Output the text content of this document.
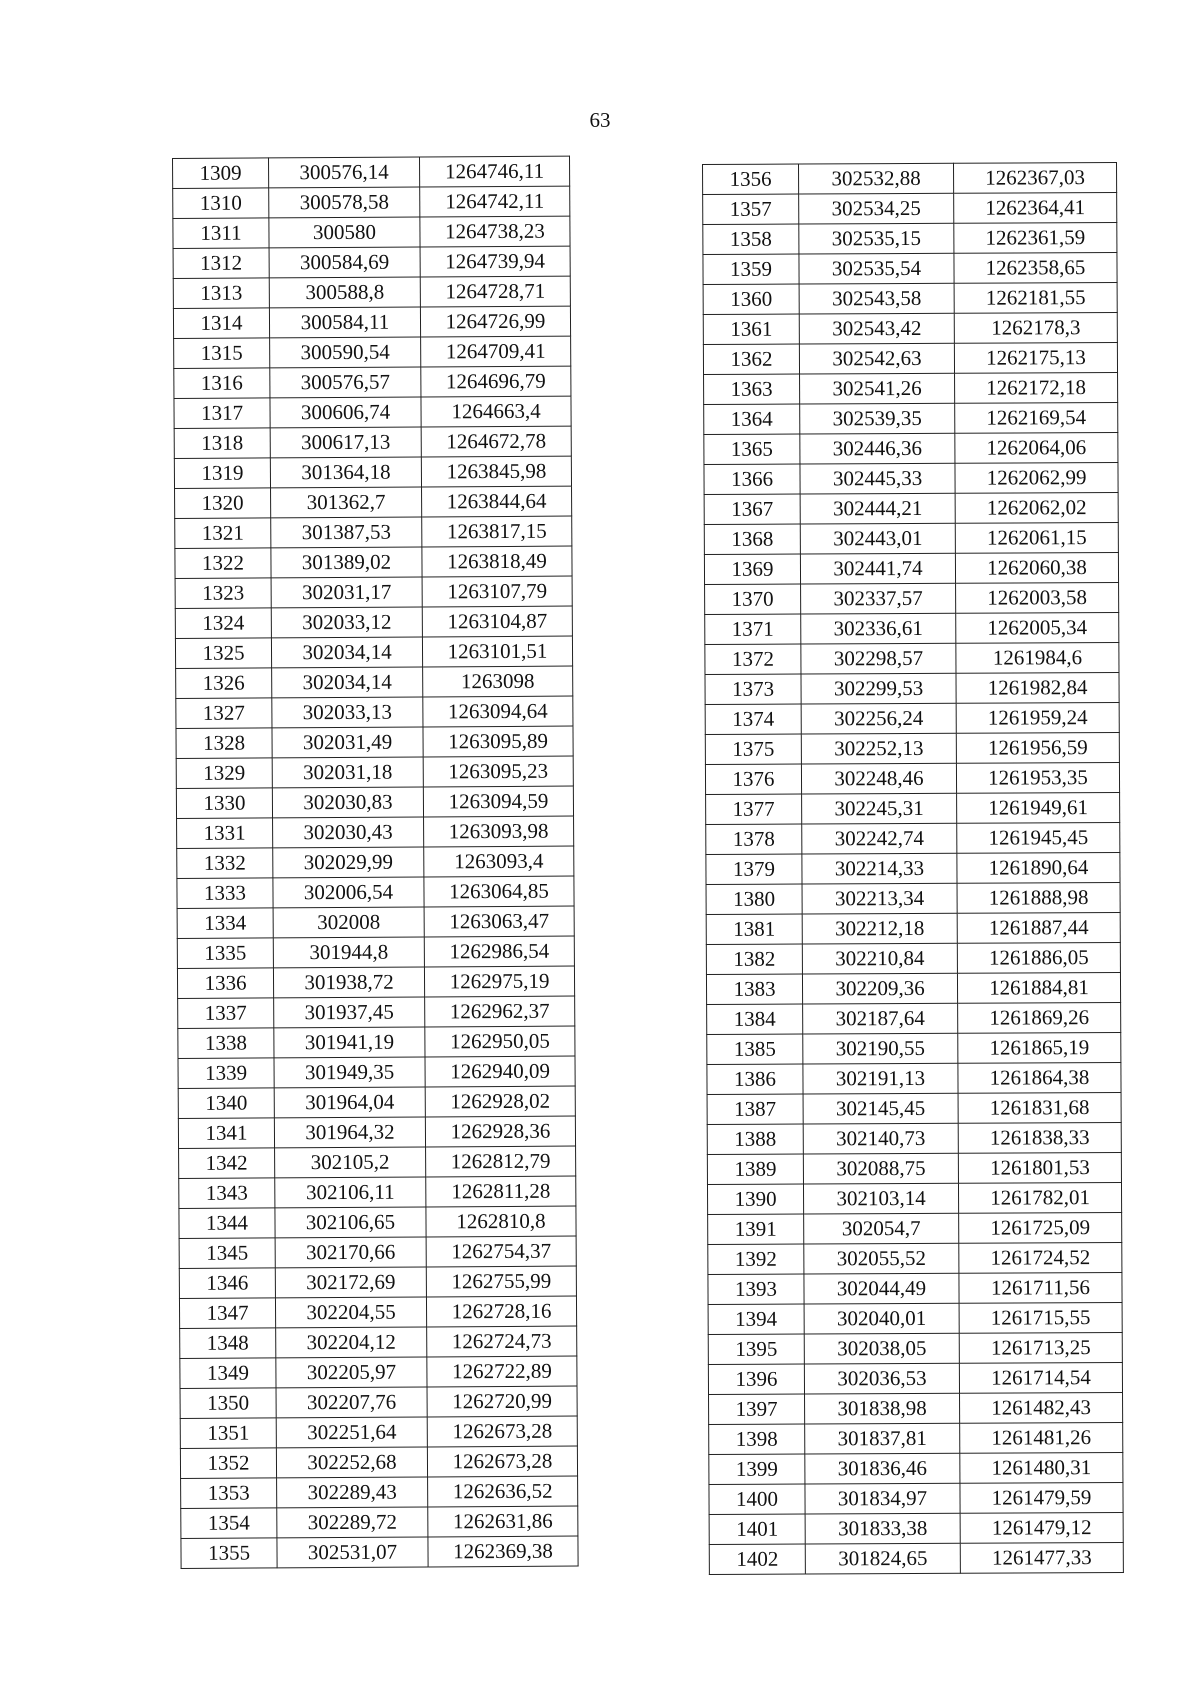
63
1309	300576,14	1264746,11
1310	300578,58	1264742,11
1311	300580	1264738,23
1312	300584,69	1264739,94
1313	300588,8	1264728,71
1314	300584,11	1264726,99
1315	300590,54	1264709,41
1316	300576,57	1264696,79
1317	300606,74	1264663,4
1318	300617,13	1264672,78
1319	301364,18	1263845,98
1320	301362,7	1263844,64
1321	301387,53	1263817,15
1322	301389,02	1263818,49
1323	302031,17	1263107,79
1324	302033,12	1263104,87
1325	302034,14	1263101,51
1326	302034,14	1263098
1327	302033,13	1263094,64
1328	302031,49	1263095,89
1329	302031,18	1263095,23
1330	302030,83	1263094,59
1331	302030,43	1263093,98
1332	302029,99	1263093,4
1333	302006,54	1263064,85
1334	302008	1263063,47
1335	301944,8	1262986,54
1336	301938,72	1262975,19
1337	301937,45	1262962,37
1338	301941,19	1262950,05
1339	301949,35	1262940,09
1340	301964,04	1262928,02
1341	301964,32	1262928,36
1342	302105,2	1262812,79
1343	302106,11	1262811,28
1344	302106,65	1262810,8
1345	302170,66	1262754,37
1346	302172,69	1262755,99
1347	302204,55	1262728,16
1348	302204,12	1262724,73
1349	302205,97	1262722,89
1350	302207,76	1262720,99
1351	302251,64	1262673,28
1352	302252,68	1262673,28
1353	302289,43	1262636,52
1354	302289,72	1262631,86
1355	302531,07	1262369,38
1356	302532,88	1262367,03
1357	302534,25	1262364,41
1358	302535,15	1262361,59
1359	302535,54	1262358,65
1360	302543,58	1262181,55
1361	302543,42	1262178,3
1362	302542,63	1262175,13
1363	302541,26	1262172,18
1364	302539,35	1262169,54
1365	302446,36	1262064,06
1366	302445,33	1262062,99
1367	302444,21	1262062,02
1368	302443,01	1262061,15
1369	302441,74	1262060,38
1370	302337,57	1262003,58
1371	302336,61	1262005,34
1372	302298,57	1261984,6
1373	302299,53	1261982,84
1374	302256,24	1261959,24
1375	302252,13	1261956,59
1376	302248,46	1261953,35
1377	302245,31	1261949,61
1378	302242,74	1261945,45
1379	302214,33	1261890,64
1380	302213,34	1261888,98
1381	302212,18	1261887,44
1382	302210,84	1261886,05
1383	302209,36	1261884,81
1384	302187,64	1261869,26
1385	302190,55	1261865,19
1386	302191,13	1261864,38
1387	302145,45	1261831,68
1388	302140,73	1261838,33
1389	302088,75	1261801,53
1390	302103,14	1261782,01
1391	302054,7	1261725,09
1392	302055,52	1261724,52
1393	302044,49	1261711,56
1394	302040,01	1261715,55
1395	302038,05	1261713,25
1396	302036,53	1261714,54
1397	301838,98	1261482,43
1398	301837,81	1261481,26
1399	301836,46	1261480,31
1400	301834,97	1261479,59
1401	301833,38	1261479,12
1402	301824,65	1261477,33
